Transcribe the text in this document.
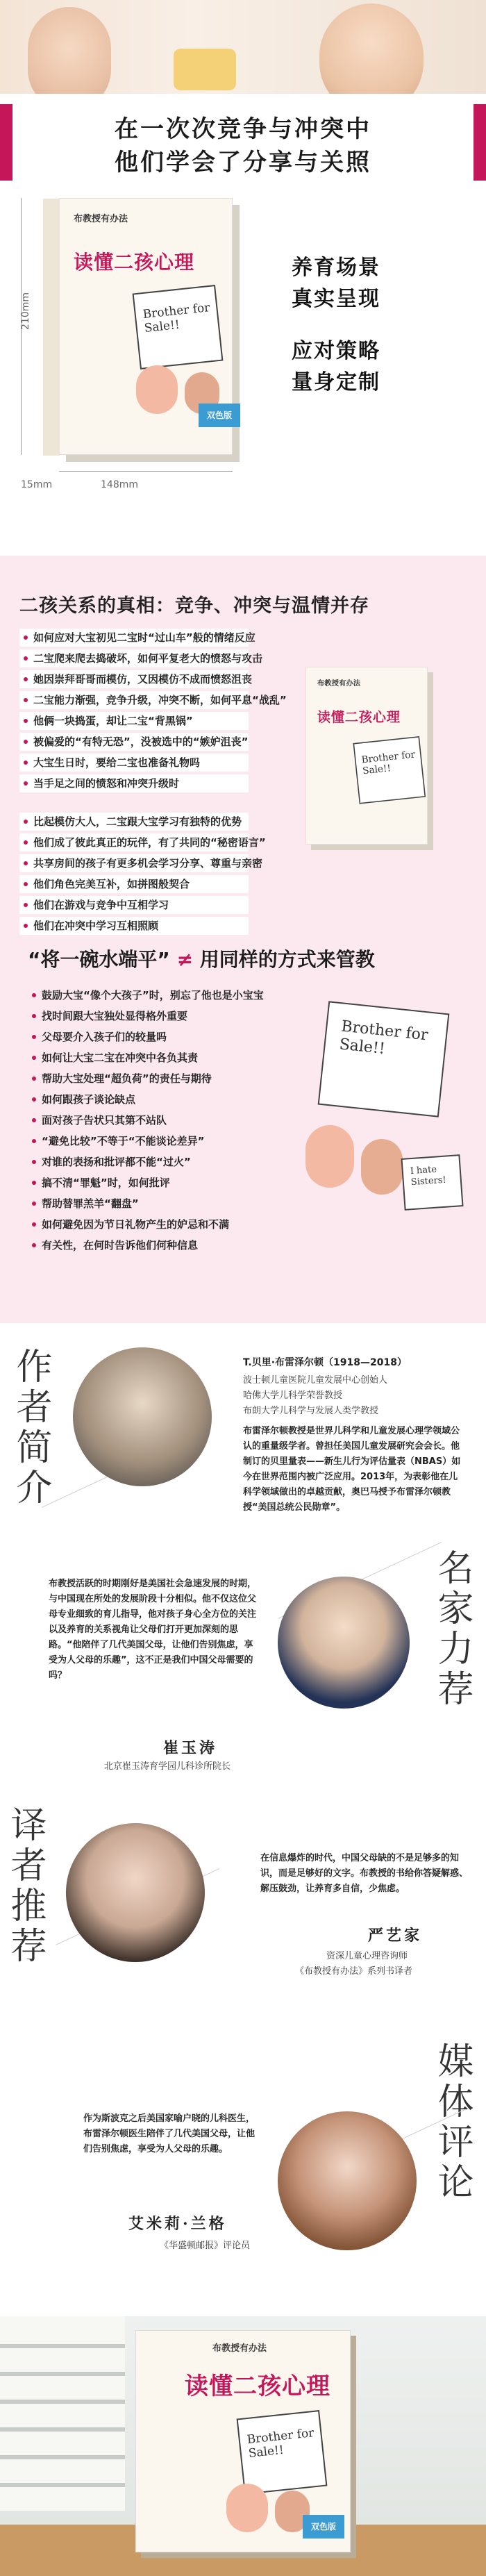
在一次次竞争与冲突中
他们学会了分享与关照
布教授有办法
读懂二孩心理
Brother for Sale!!
双色版
210mm
15mm	148mm
养育场景
真实呈现
应对策略
量身定制
二孩关系的真相：竞争、冲突与温情并存
如何应对大宝初见二宝时“过山车”般的情绪反应
二宝爬来爬去捣破坏，如何平复老大的愤怒与攻击
她因崇拜哥哥而模仿，又因模仿不成而愤怒沮丧
二宝能力渐强，竞争升级，冲突不断，如何平息“战乱”
他俩一块捣蛋，却让二宝“背黑锅”
被偏爱的“有特无恐”，没被选中的“嫉妒沮丧”
大宝生日时，要给二宝也准备礼物吗
当手足之间的愤怒和冲突升级时
比起模仿大人，二宝跟大宝学习有独特的优势
他们成了彼此真正的玩伴，有了共同的“秘密语言”
共享房间的孩子有更多机会学习分享、尊重与亲密
他们角色完美互补，如拼图般契合
他们在游戏与竞争中互相学习
他们在冲突中学习互相照顾
布教授有办法
读懂二孩心理
Brother for Sale!!
“将一碗水端平” ≠ 用同样的方式来管教
鼓励大宝“像个大孩子”时，别忘了他也是小宝宝
找时间跟大宝独处显得格外重要
父母要介入孩子们的较量吗
如何让大宝二宝在冲突中各负其责
帮助大宝处理“超负荷”的责任与期待
如何跟孩子谈论缺点
面对孩子告状只其第不站队
“避免比较”不等于“不能谈论差异”
对谁的表扬和批评都不能“过火”
搞不清“罪魁”时，如何批评
帮助替罪羔羊“翻盘”
如何避免因为节日礼物产生的妒忌和不满
有关性，在何时告诉他们何种信息
Brother for Sale!!
I hate Sisters!
作者简介	T.贝里·布雷泽尔顿（1918—2018）
波士顿儿童医院儿童发展中心创始人
哈佛大学儿科学荣誉教授
布朗大学儿科学与发展人类学教授
布雷泽尔顿教授是世界儿科学和儿童发展心理学领域公认的重量级学者。曾担任美国儿童发展研究会会长。他制订的贝里量表——新生儿行为评估量表（NBAS）如今在世界范围内被广泛应用。2013年，为表彰他在儿科学领域做出的卓越贡献，奥巴马授予布雷泽尔顿教授“美国总统公民勋章”。
名家力荐
布教授活跃的时期刚好是美国社会急速发展的时期，与中国现在所处的发展阶段十分相似。他不仅这位父母专业细致的育儿指导，他对孩子身心全方位的关注以及养育的关系视角让父母们打开更加深刻的思路。“他陪伴了几代美国父母，让他们告别焦虑，享受为人父母的乐趣”，这不正是我们中国父母需要的吗？
崔玉涛
北京崔玉涛育学园儿科诊所院长
译者推荐	在信息爆炸的时代，中国父母缺的不是足够多的知识，而是足够好的文字。布教授的书给你答疑解惑、解压鼓劲，让养育多自信，少焦虑。
严艺家
资深儿童心理咨询师
《布教授有办法》系列书译者
媒体评论
作为斯波克之后美国家喻户晓的儿科医生，布雷泽尔顿医生陪伴了几代美国父母，让他们告别焦虑，享受为人父母的乐趣。
艾米莉·兰格
《华盛顿邮报》评论员
布教授有办法
读懂二孩心理
Brother for Sale!!
双色版
